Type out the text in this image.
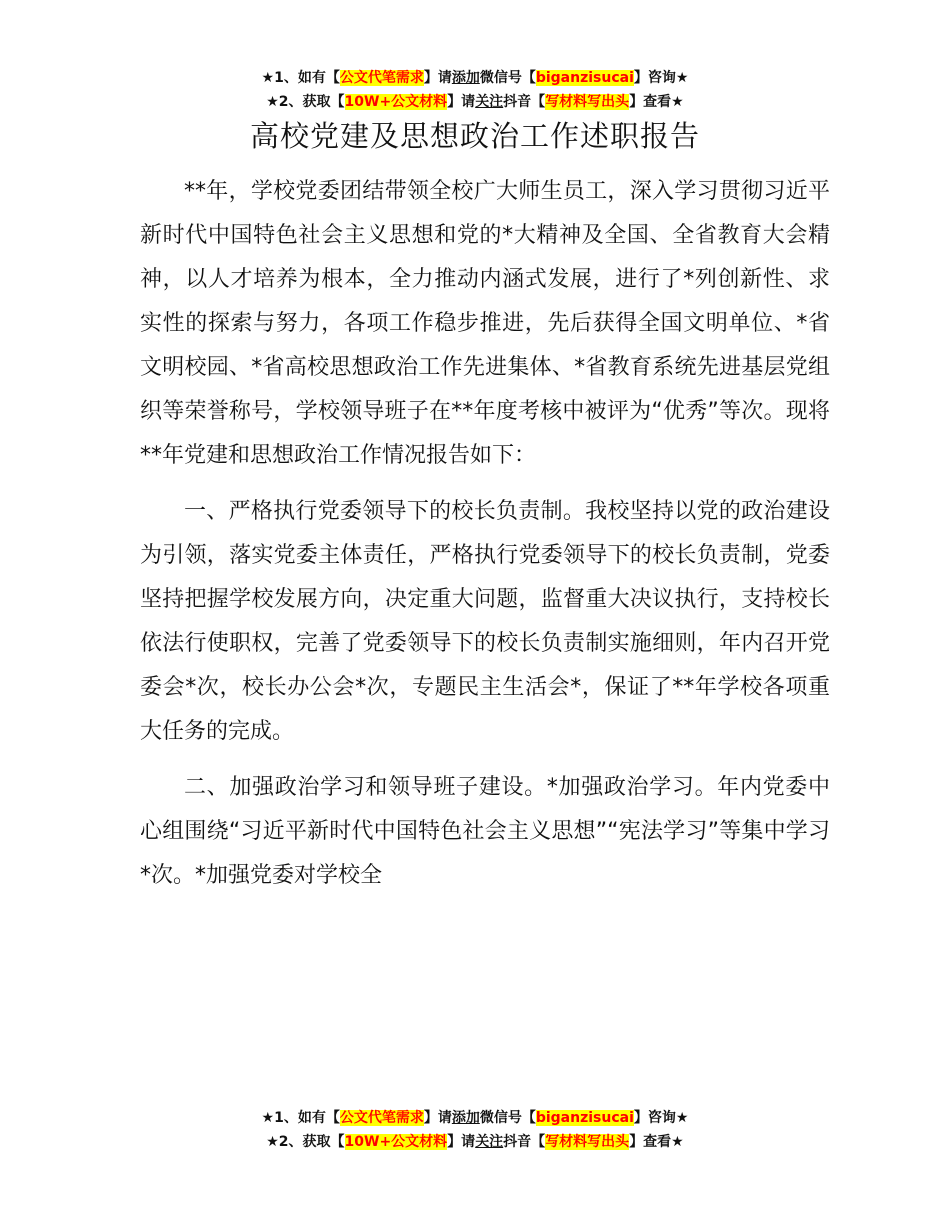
★1、如有【公文代笔需求】请添加微信号【biganzisucai】咨询★
★2、获取【10W+公文材料】请关注抖音【写材料写出头】查看★
高校党建及思想政治工作述职报告

**年，学校党委团结带领全校广大师生员工，深入学习贯彻习近平新时代中国特色社会主义思想和党的*大精神及全国、全省教育大会精神，以人才培养为根本，全力推动内涵式发展，进行了*列创新性、求实性的探索与努力，各项工作稳步推进，先后获得全国文明单位、*省文明校园、*省高校思想政治工作先进集体、*省教育系统先进基层党组织等荣誉称号，学校领导班子在**年度考核中被评为“优秀”等次。现将**年党建和思想政治工作情况报告如下：

一、严格执行党委领导下的校长负责制。我校坚持以党的政治建设为引领，落实党委主体责任，严格执行党委领导下的校长负责制，党委坚持把握学校发展方向，决定重大问题，监督重大决议执行，支持校长依法行使职权，完善了党委领导下的校长负责制实施细则，年内召开党委会*次，校长办公会*次，专题民主生活会*，保证了**年学校各项重大任务的完成。

二、加强政治学习和领导班子建设。*加强政治学习。年内党委中心组围绕“习近平新时代中国特色社会主义思想”“宪法学习”等集中学习*次。*加强党委对学校全

★1、如有【公文代笔需求】请添加微信号【biganzisucai】咨询★
★2、获取【10W+公文材料】请关注抖音【写材料写出头】查看★
